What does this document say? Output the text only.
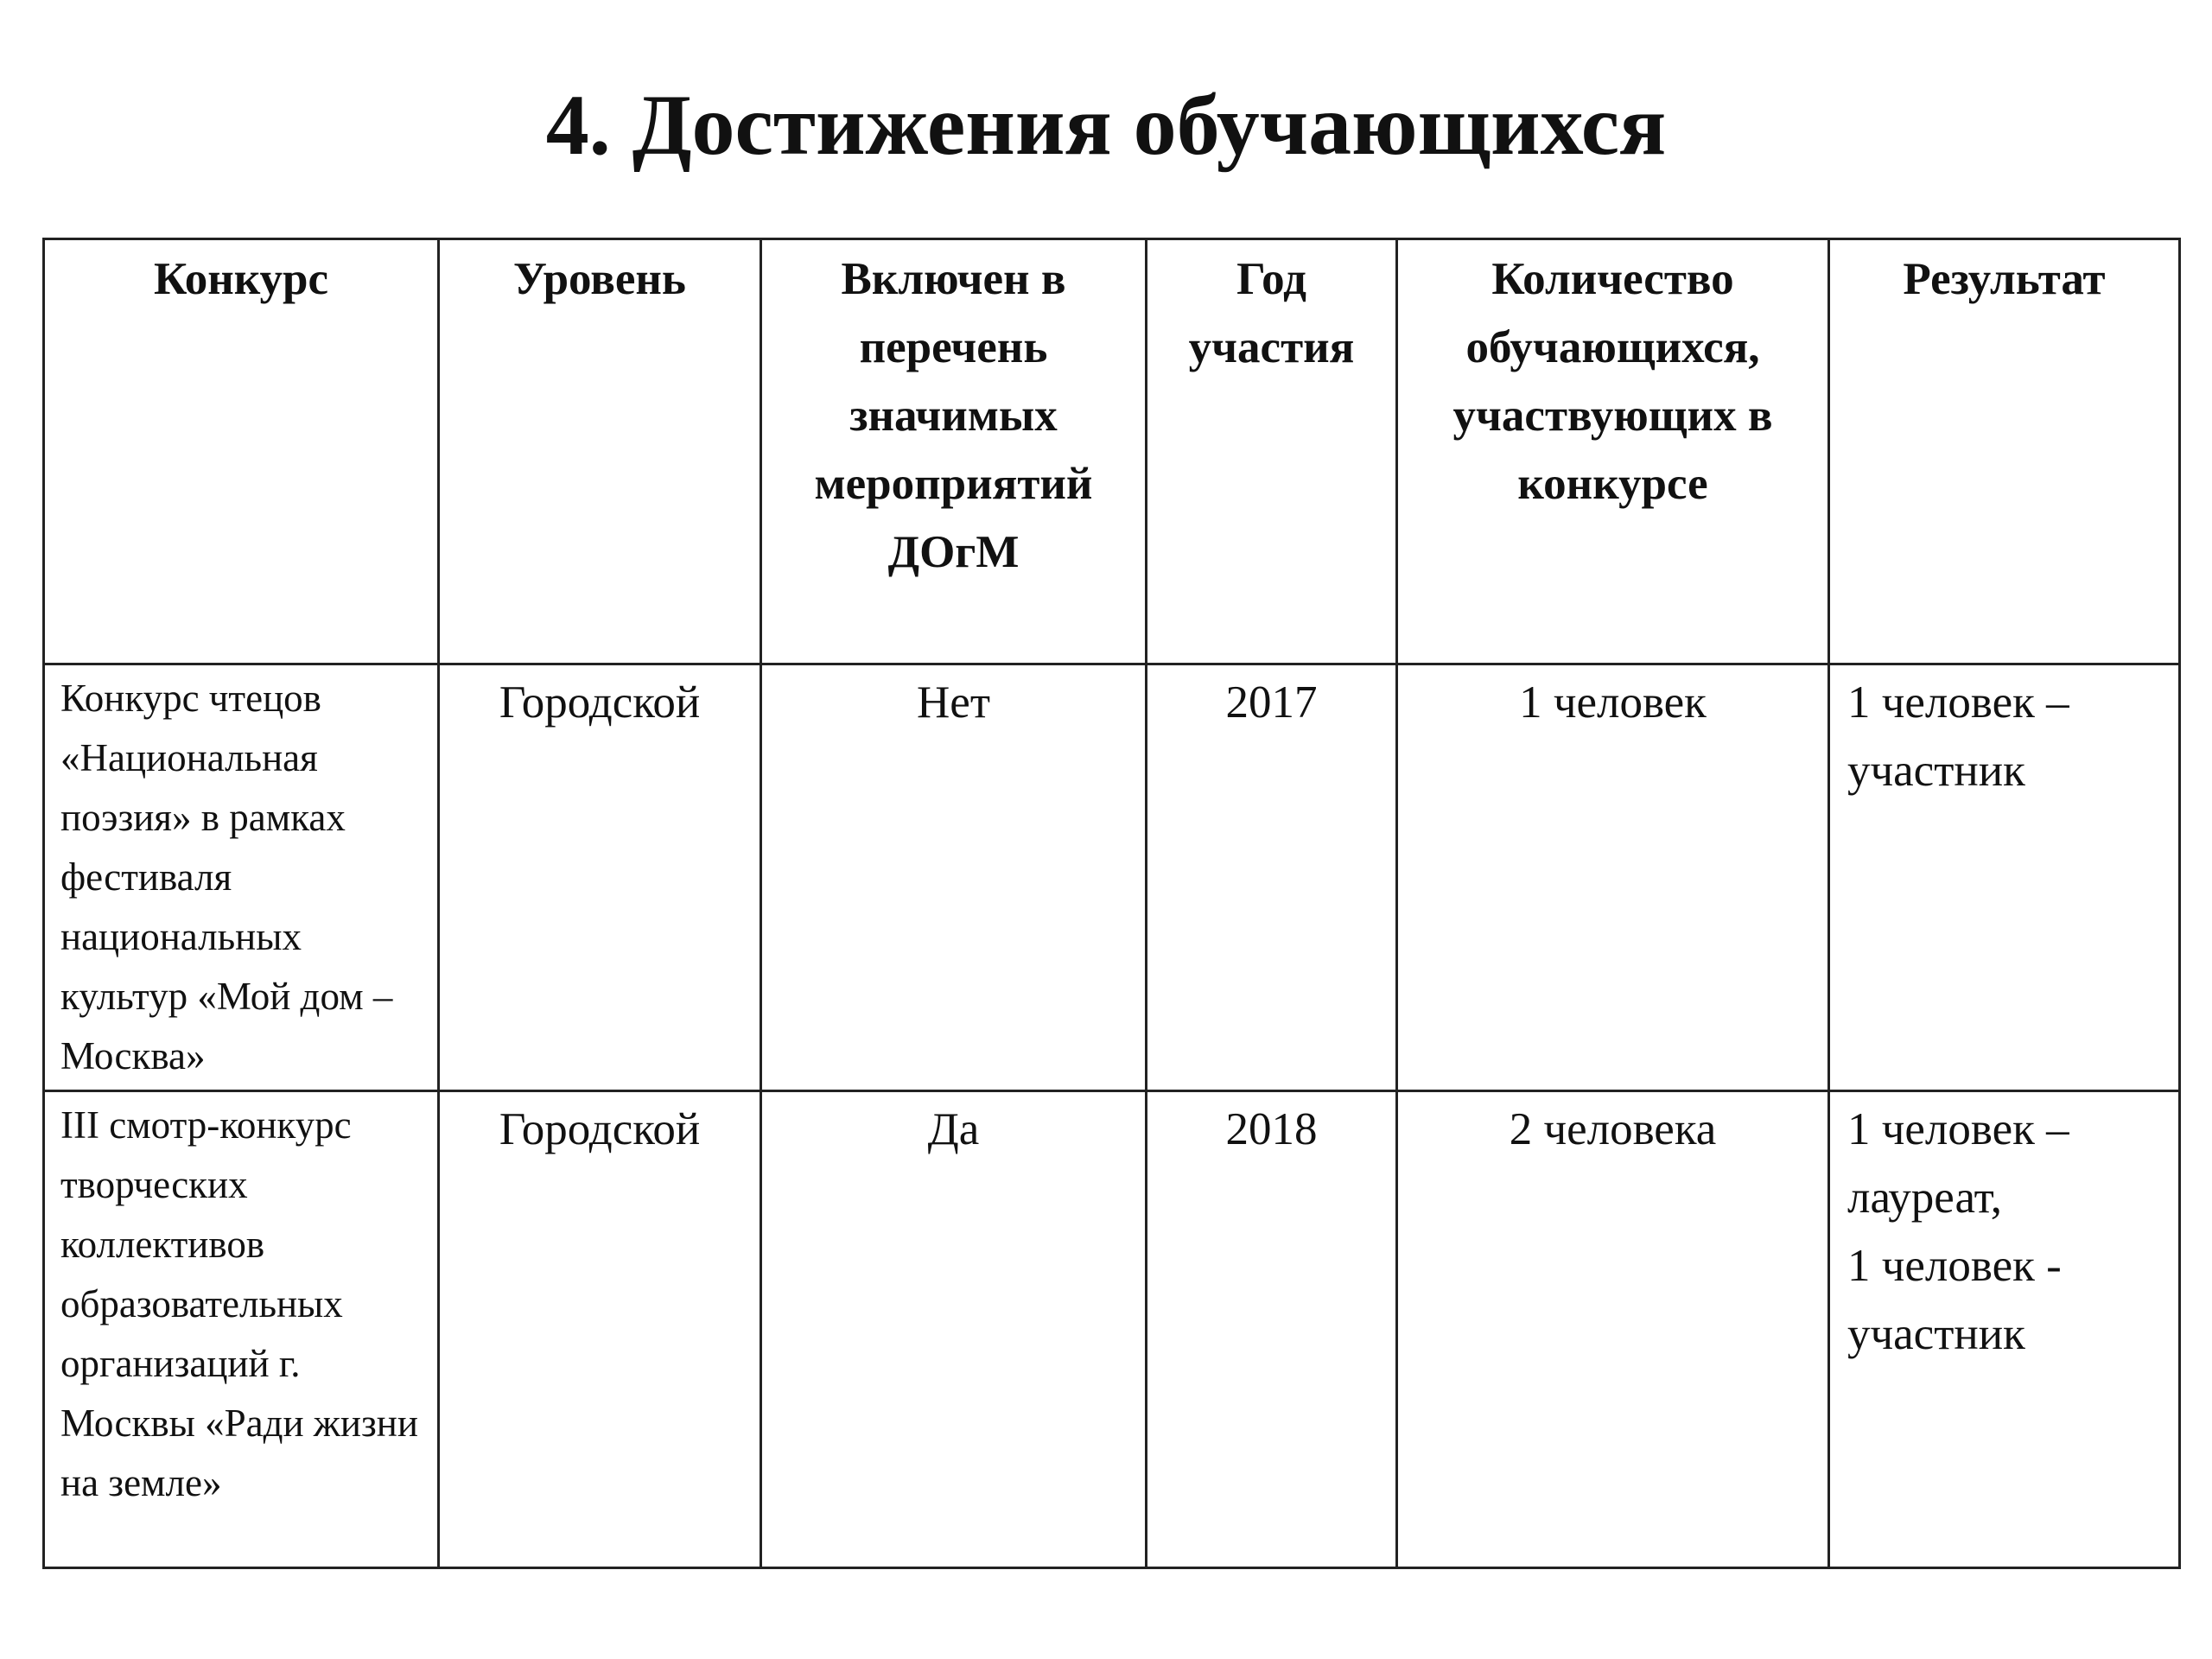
4. Достижения обучающихся
Конкурс	Уровень	Включен в перечень значимых мероприятий ДОгМ	Год участия	Количество обучающихся, участвующих в конкурсе	Результат
Конкурс чтецов «Национальная поэзия» в рамках фестиваля национальных культур «Мой дом – Москва»	Городской	Нет	2017	1 человек	1 человек – участник

III смотр-конкурс творческих коллективов образовательных организаций г. Москвы «Ради жизни на земле»	Городской	Да	2018	2 человека	1 человек – лауреат,
1 человек - участник
